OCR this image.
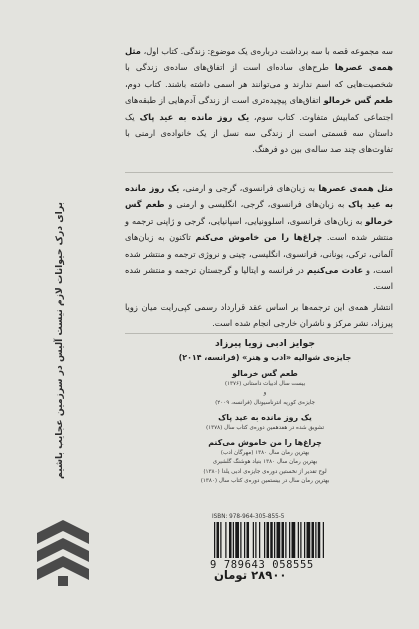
برای درک حیوانات لازم نیست آلیس در سرزمین عجایب باشیم

سه مجموعه قصه با سه برداشت درباره‌ی یک موضوع: زندگی. کتاب اول، مثل همه‌ی عصرها طرح‌های ساده‌ای است از اتفاق‌های ساده‌ی زندگی با شخصیت‌هایی که اسم ندارند و می‌توانند هر اسمی داشته باشند. کتاب دوم، طعم گس خرمالو اتفاق‌های پیچیده‌تری است از زندگی آدم‌هایی از طبقه‌های اجتماعی کمابیش متفاوت. کتاب سوم، یک روز مانده به عید پاک یک داستان سه قسمتی است از زندگی سه نسل از یک خانواده‌ی ارمنی با تفاوت‌های چند صد ساله‌ی بین دو فرهنگ.

مثل همه‌ی عصرها به زبان‌های فرانسوی، گرجی و ارمنی، یک روز مانده به عید پاک به زبان‌های فرانسوی، گرجی، انگلیسی و ارمنی و طعم گس خرمالو به زبان‌های فرانسوی، اسلوونیایی، اسپانیایی، گرجی و ژاپنی ترجمه و منتشر شده است. چراغ‌ها را من خاموش می‌کنم تاکنون به زبان‌های آلمانی، ترکی، یونانی، فرانسوی، انگلیسی، چینی و نروژی ترجمه و منتشر شده است، و عادت می‌کنیم در فرانسه و ایتالیا و گرجستان ترجمه و منتشر شده است.

انتشار همه‌ی این ترجمه‌ها بر اساس عقد قرارداد رسمی کپی‌رایت میان زویا پیرزاد، نشر مرکز و ناشران خارجی انجام شده است.

جوایز ادبی زویا پیرزاد
جایزه‌ی شوالیه «ادب و هنر» (فرانسه، ۲۰۱۴)
طعم گس خرمالو
بیست سال ادبیات داستانی (۱۳۷۶)
و
جایزه‌ی کوریه انترناسیونال (فرانسه، ۲۰۰۹)
یک روز مانده به عید پاک
تشویق شده در هفدهمین دوره‌ی کتاب سال (۱۳۷۸)
چراغ‌ها را من خاموش می‌کنم
بهترین رمان سال ۱۳۸۰ (مهرگان ادب)
بهترین رمان سال ۱۳۸۰ بنیاد هوشنگ گلشیری
لوح تقدیر از نخستین دوره‌ی جایزه‌ی ادبی یلدا (۱۳۸۰)
بهترین رمان سال در بیستمین دوره‌ی کتاب سال (۱۳۸۰)
ISBN: 978-964-305-855-5
9 789643 058555
۲۸۹۰۰ تومان
